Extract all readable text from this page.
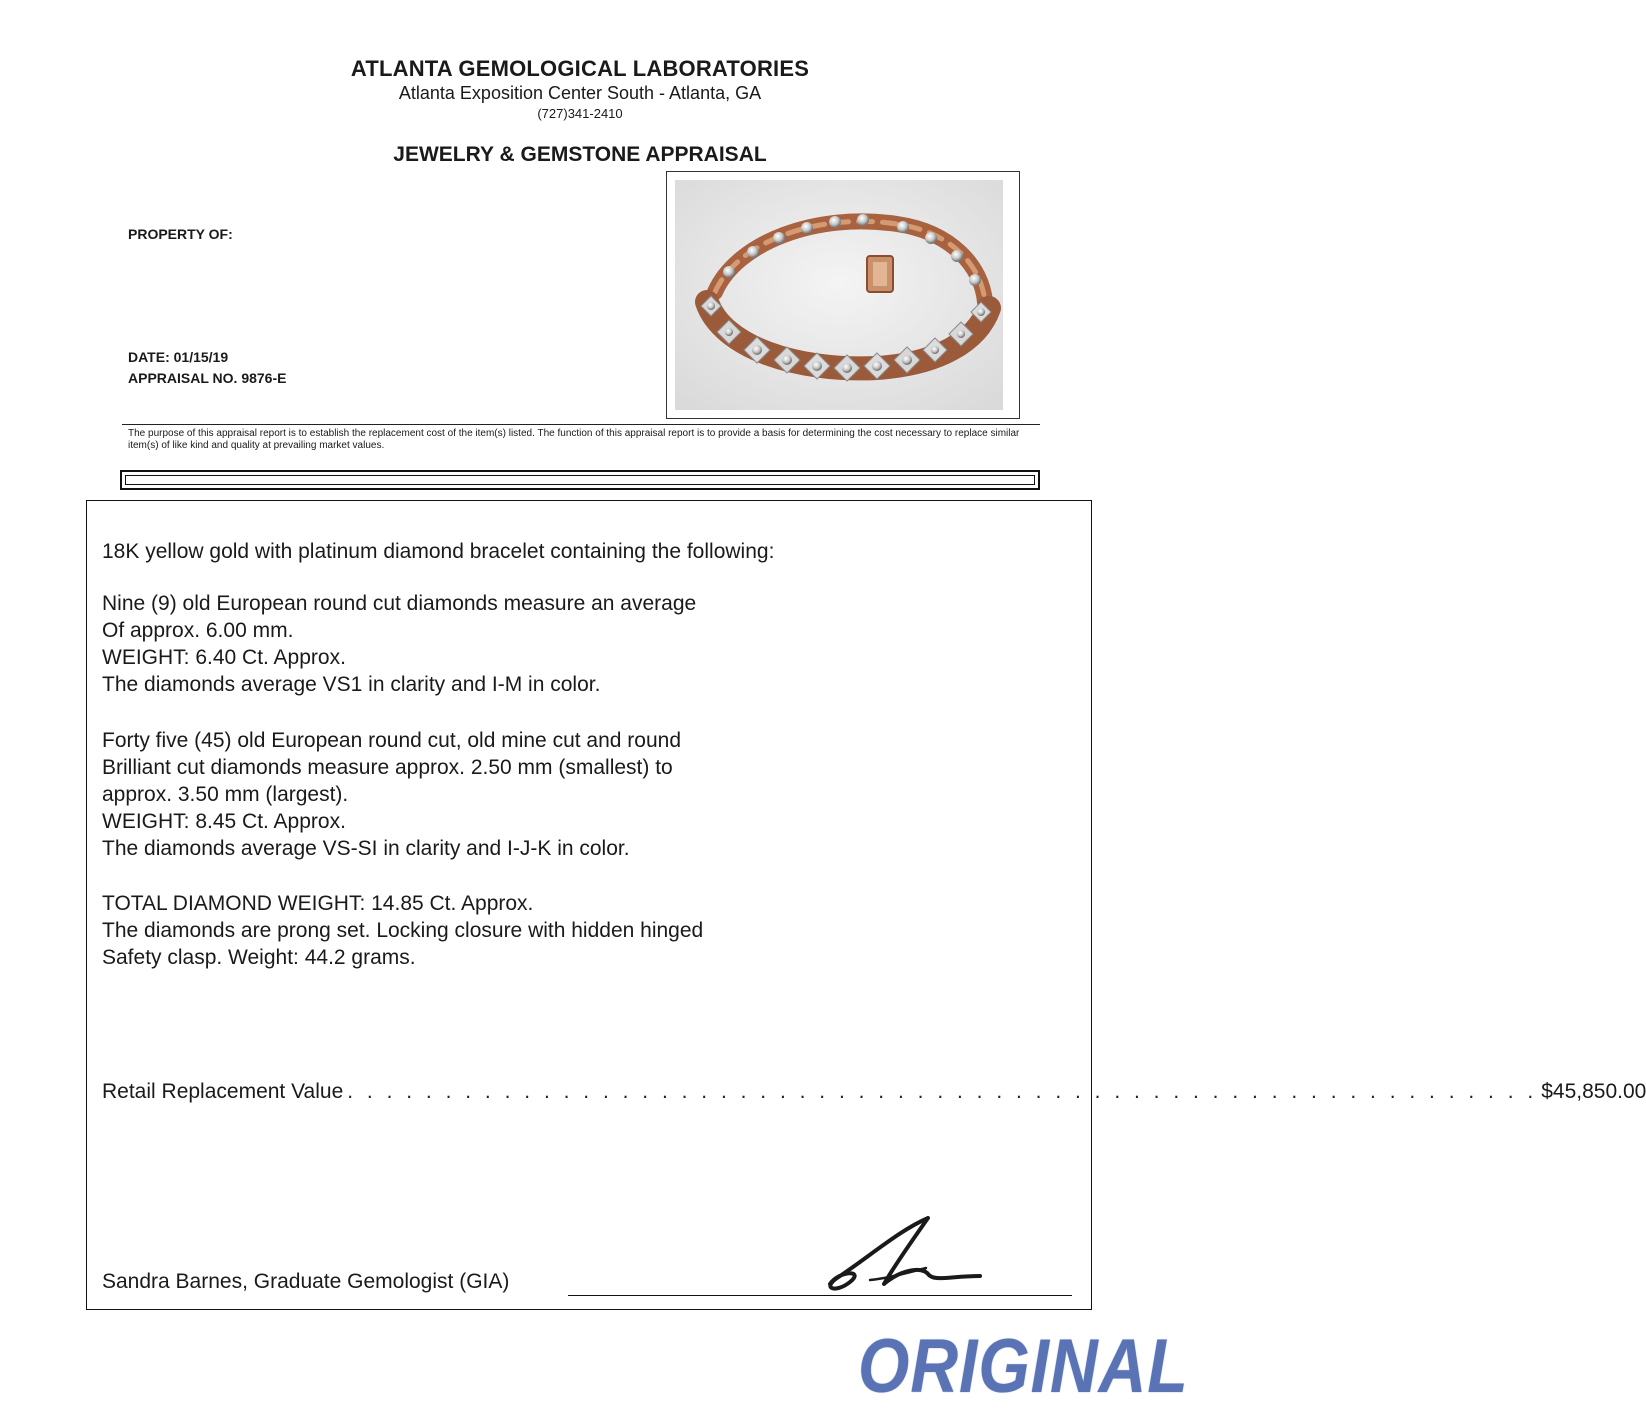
ATLANTA GEMOLOGICAL LABORATORIES
Atlanta Exposition Center South - Atlanta, GA
(727)341-2410
JEWELRY & GEMSTONE APPRAISAL
PROPERTY OF:
DATE: 01/15/19
APPRAISAL NO. 9876-E
The purpose of this appraisal report is to establish the replacement cost of the item(s) listed. The function of this appraisal report is to provide a basis for determining the cost necessary to replace similar item(s) of like kind and quality at prevailing market values.
18K yellow gold with platinum diamond bracelet containing the following:
Nine (9) old European round cut diamonds measure an average
Of approx. 6.00 mm.
WEIGHT: 6.40 Ct. Approx.
The diamonds average VS1 in clarity and I-M in color.
Forty five (45) old European round cut, old mine cut and round
Brilliant cut diamonds measure approx. 2.50 mm (smallest) to
approx. 3.50 mm (largest).
WEIGHT: 8.45 Ct. Approx.
The diamonds average VS-SI in clarity and I-J-K in color.
TOTAL DIAMOND WEIGHT: 14.85 Ct. Approx.
The diamonds are prong set. Locking closure with hidden hinged
Safety clasp. Weight: 44.2 grams.
Retail Replacement Value . . . . . . . . . . . . . . . . . . . . . . . . . . . . . . . . . . . . . . . . . . . . . . . . . . . . . . . . . . . . . $45,850.00
Sandra Barnes, Graduate Gemologist (GIA)
ORIGINAL
